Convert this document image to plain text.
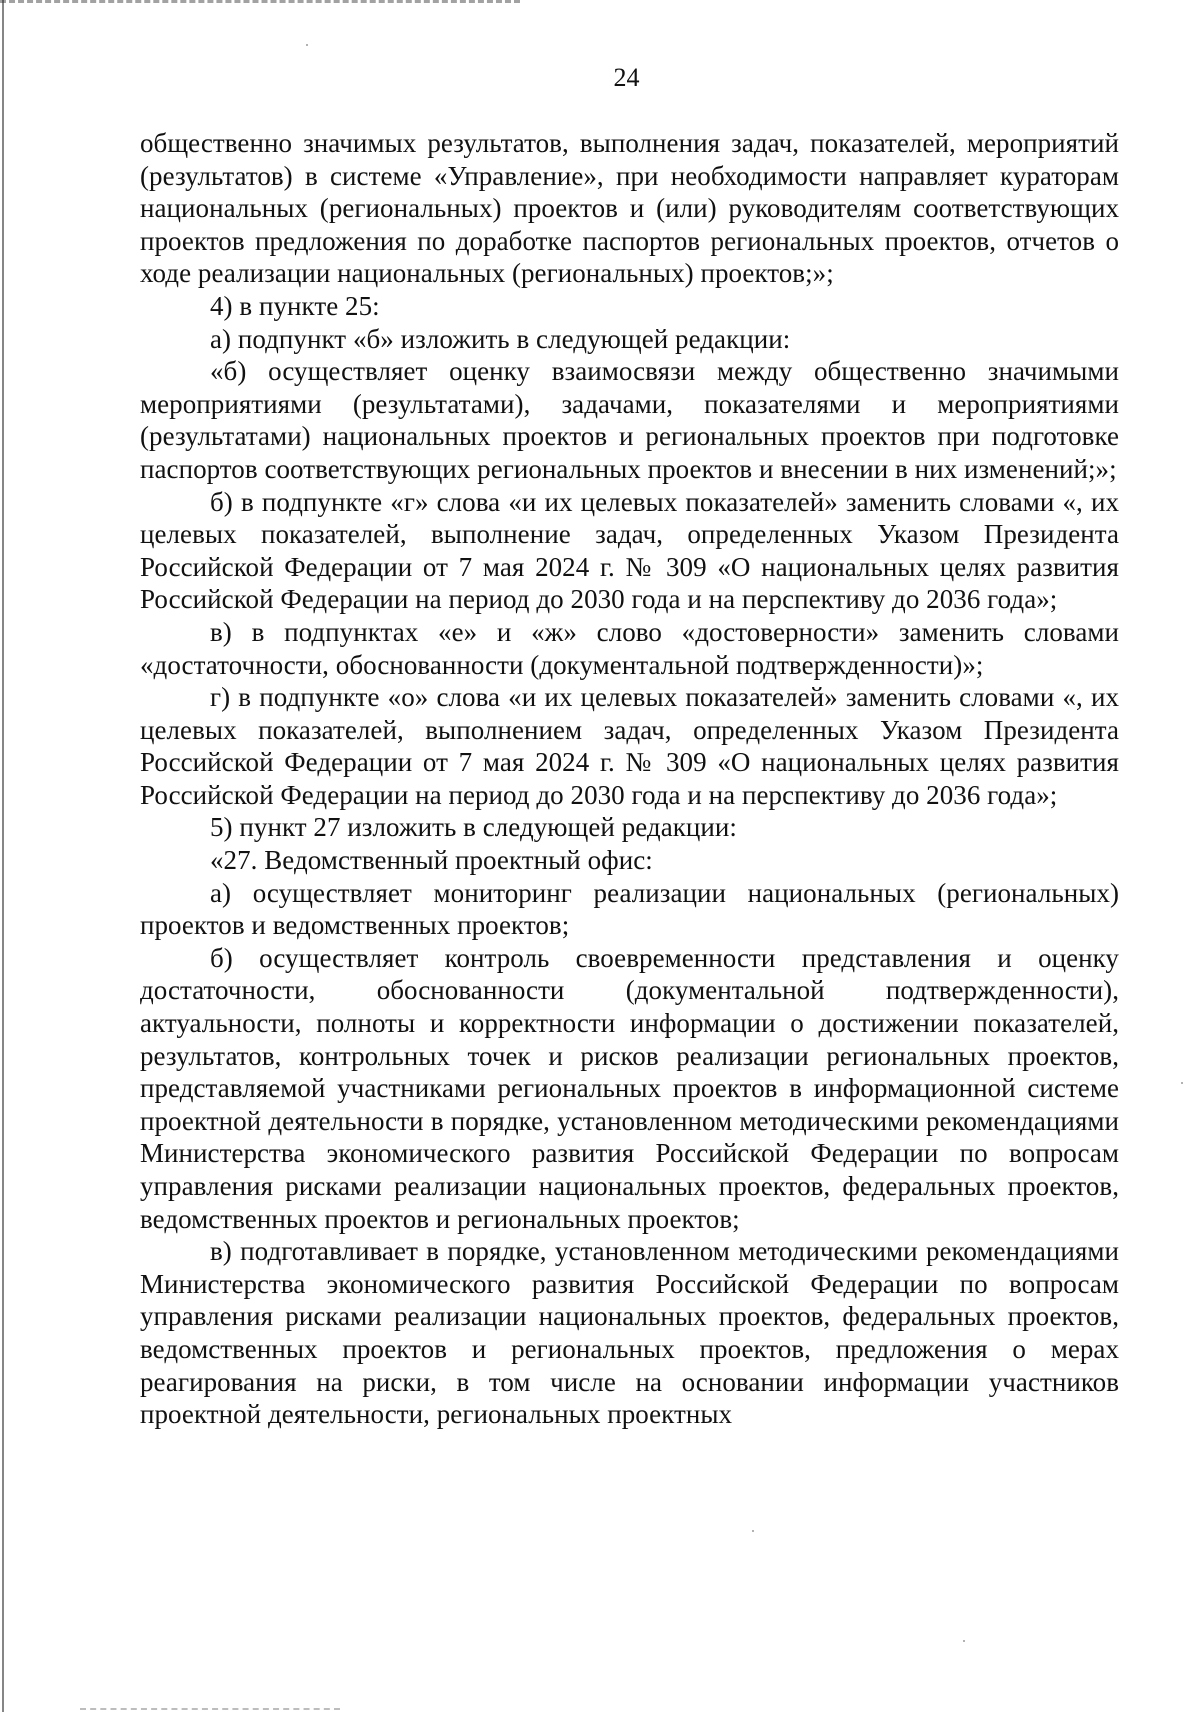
24

общественно значимых результатов, выполнения задач, показателей, мероприятий (результатов) в системе «Управление», при необходимости направляет кураторам национальных (региональных) проектов и (или) руководителям соответствующих проектов предложения по доработке паспортов региональных проектов, отчетов о ходе реализации национальных (региональных) проектов;»;

4) в пункте 25:

а) подпункт «б» изложить в следующей редакции:

«б) осуществляет оценку взаимосвязи между общественно значимыми мероприятиями (результатами), задачами, показателями и мероприятиями (результатами) национальных проектов и региональных проектов при подготовке паспортов соответствующих региональных проектов и внесении в них изменений;»;

б) в подпункте «г» слова «и их целевых показателей» заменить словами «, их целевых показателей, выполнение задач, определенных Указом Президента Российской Федерации от 7 мая 2024 г. № 309 «О национальных целях развития Российской Федерации на период до 2030 года и на перспективу до 2036 года»;

в) в подпунктах «е» и «ж» слово «достоверности» заменить словами «достаточности, обоснованности (документальной подтвержденности)»;

г) в подпункте «о» слова «и их целевых показателей» заменить словами «, их целевых показателей, выполнением задач, определенных Указом Президента Российской Федерации от 7 мая 2024 г. № 309 «О национальных целях развития Российской Федерации на период до 2030 года и на перспективу до 2036 года»;

5) пункт 27 изложить в следующей редакции:

«27. Ведомственный проектный офис:

а) осуществляет мониторинг реализации национальных (региональных) проектов и ведомственных проектов;

б) осуществляет контроль своевременности представления и оценку достаточности, обоснованности (документальной подтвержденности), актуальности, полноты и корректности информации о достижении показателей, результатов, контрольных точек и рисков реализации региональных проектов, представляемой участниками региональных проектов в информационной системе проектной деятельности в порядке, установленном методическими рекомендациями Министерства экономического развития Российской Федерации по вопросам управления рисками реализации национальных проектов, федеральных проектов, ведомственных проектов и региональных проектов;

в) подготавливает в порядке, установленном методическими рекомендациями Министерства экономического развития Российской Федерации по вопросам управления рисками реализации национальных проектов, федеральных проектов, ведомственных проектов и региональных проектов, предложения о мерах реагирования на риски, в том числе на основании информации участников проектной деятельности, региональных проектных
